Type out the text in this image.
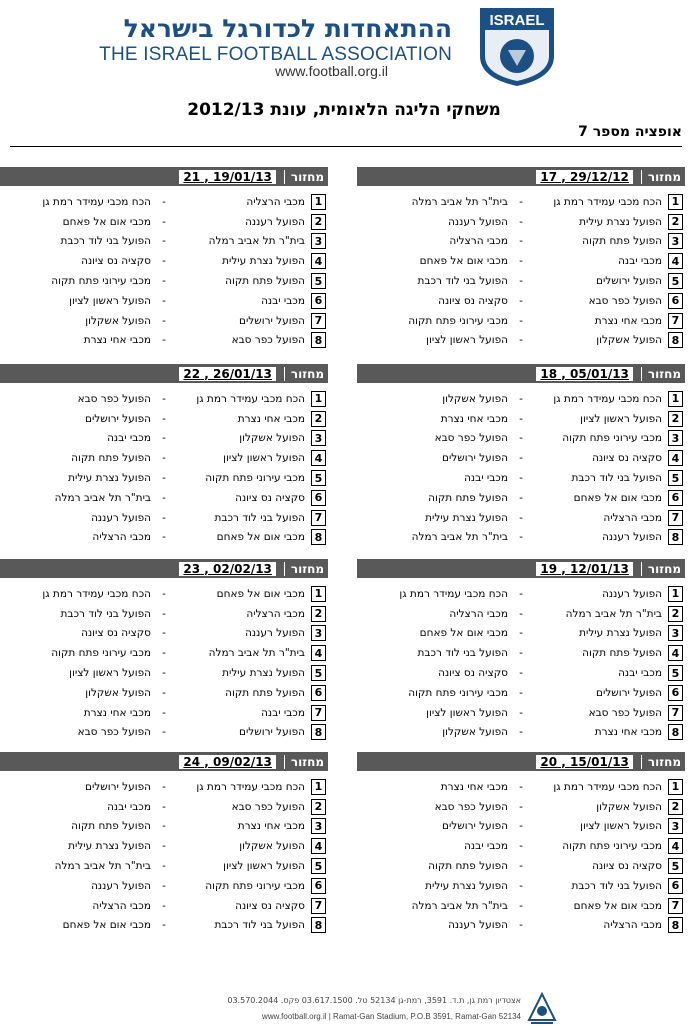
ההתאחדות לכדורגל בישראל
THE ISRAEL FOOTBALL ASSOCIATION
www.football.org.il
ISRAEL
משחקי הליגה הלאומית, עונת 2012/13
אופציה מספר 7
מחזור
29/12/12 , 17
1
הכח מכבי עמידר רמת גן
-
בית"ר תל אביב רמלה
2
הפועל נצרת עילית
-
הפועל רעננה
3
הפועל פתח תקוה
-
מכבי הרצליה
4
מכבי יבנה
-
מכבי אום אל פאחם
5
הפועל ירושלים
-
הפועל בני לוד רכבת
6
הפועל כפר סבא
-
סקציה נס ציונה
7
מכבי אחי נצרת
-
מכבי עירוני פתח תקוה
8
הפועל אשקלון
-
הפועל ראשון לציון
מחזור
19/01/13 , 21
1
מכבי הרצליה
-
הכח מכבי עמידר רמת גן
2
הפועל רעננה
-
מכבי אום אל פאחם
3
בית"ר תל אביב רמלה
-
הפועל בני לוד רכבת
4
הפועל נצרת עילית
-
סקציה נס ציונה
5
הפועל פתח תקוה
-
מכבי עירוני פתח תקוה
6
מכבי יבנה
-
הפועל ראשון לציון
7
הפועל ירושלים
-
הפועל אשקלון
8
הפועל כפר סבא
-
מכבי אחי נצרת
מחזור
05/01/13 , 18
1
הכח מכבי עמידר רמת גן
-
הפועל אשקלון
2
הפועל ראשון לציון
-
מכבי אחי נצרת
3
מכבי עירוני פתח תקוה
-
הפועל כפר סבא
4
סקציה נס ציונה
-
הפועל ירושלים
5
הפועל בני לוד רכבת
-
מכבי יבנה
6
מכבי אום אל פאחם
-
הפועל פתח תקוה
7
מכבי הרצליה
-
הפועל נצרת עילית
8
הפועל רעננה
-
בית"ר תל אביב רמלה
מחזור
26/01/13 , 22
1
הכח מכבי עמידר רמת גן
-
הפועל כפר סבא
2
מכבי אחי נצרת
-
הפועל ירושלים
3
הפועל אשקלון
-
מכבי יבנה
4
הפועל ראשון לציון
-
הפועל פתח תקוה
5
מכבי עירוני פתח תקוה
-
הפועל נצרת עילית
6
סקציה נס ציונה
-
בית"ר תל אביב רמלה
7
הפועל בני לוד רכבת
-
הפועל רעננה
8
מכבי אום אל פאחם
-
מכבי הרצליה
מחזור
12/01/13 , 19
1
הפועל רעננה
-
הכח מכבי עמידר רמת גן
2
בית"ר תל אביב רמלה
-
מכבי הרצליה
3
הפועל נצרת עילית
-
מכבי אום אל פאחם
4
הפועל פתח תקוה
-
הפועל בני לוד רכבת
5
מכבי יבנה
-
סקציה נס ציונה
6
הפועל ירושלים
-
מכבי עירוני פתח תקוה
7
הפועל כפר סבא
-
הפועל ראשון לציון
8
מכבי אחי נצרת
-
הפועל אשקלון
מחזור
02/02/13 , 23
1
מכבי אום אל פאחם
-
הכח מכבי עמידר רמת גן
2
מכבי הרצליה
-
הפועל בני לוד רכבת
3
הפועל רעננה
-
סקציה נס ציונה
4
בית"ר תל אביב רמלה
-
מכבי עירוני פתח תקוה
5
הפועל נצרת עילית
-
הפועל ראשון לציון
6
הפועל פתח תקוה
-
הפועל אשקלון
7
מכבי יבנה
-
מכבי אחי נצרת
8
הפועל ירושלים
-
הפועל כפר סבא
מחזור
15/01/13 , 20
1
הכח מכבי עמידר רמת גן
-
מכבי אחי נצרת
2
הפועל אשקלון
-
הפועל כפר סבא
3
הפועל ראשון לציון
-
הפועל ירושלים
4
מכבי עירוני פתח תקוה
-
מכבי יבנה
5
סקציה נס ציונה
-
הפועל פתח תקוה
6
הפועל בני לוד רכבת
-
הפועל נצרת עילית
7
מכבי אום אל פאחם
-
בית"ר תל אביב רמלה
8
מכבי הרצליה
-
הפועל רעננה
מחזור
09/02/13 , 24
1
הכח מכבי עמידר רמת גן
-
הפועל ירושלים
2
הפועל כפר סבא
-
מכבי יבנה
3
מכבי אחי נצרת
-
הפועל פתח תקוה
4
הפועל אשקלון
-
הפועל נצרת עילית
5
הפועל ראשון לציון
-
בית"ר תל אביב רמלה
6
מכבי עירוני פתח תקוה
-
הפועל רעננה
7
סקציה נס ציונה
-
מכבי הרצליה
8
הפועל בני לוד רכבת
-
מכבי אום אל פאחם
אצטדיון רמת גן, ת.ד. 3591, רמת-גן 52134 טל. 03.617.1500 פקס. 03.570.2044
www.football.org.il | Ramat-Gan Stadium, P.O.B 3591, Ramat-Gan 52134
